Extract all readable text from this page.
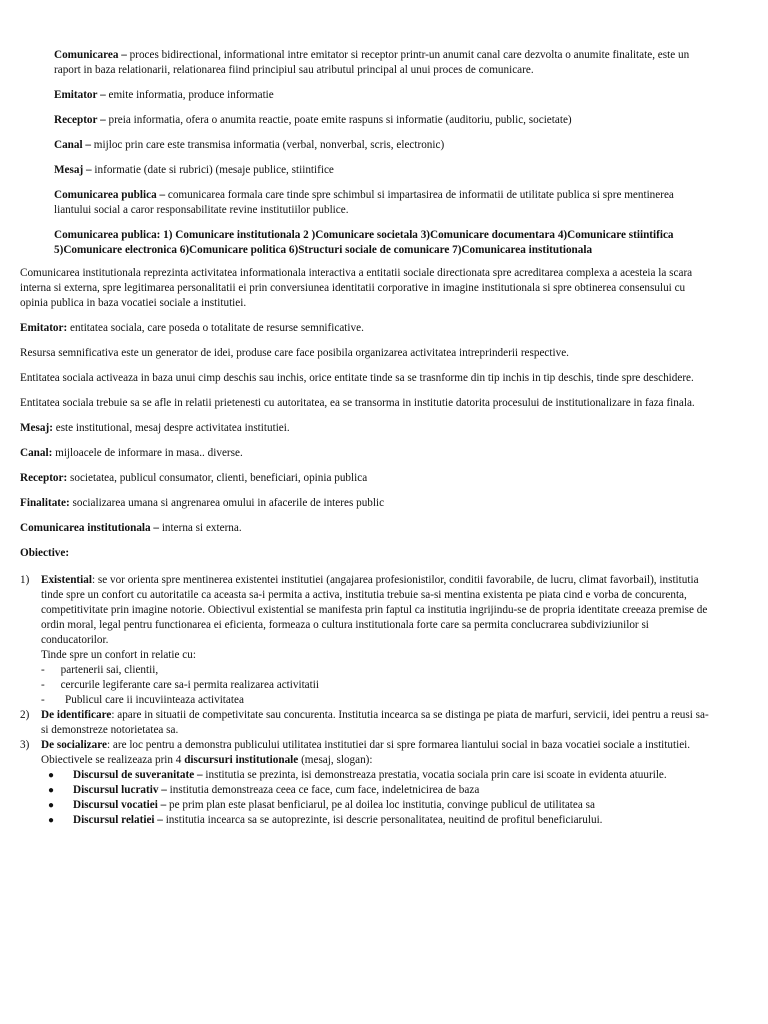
Comunicarea – proces bidirectional, informational intre emitator si receptor printr-un anumit canal care dezvolta o anumite finalitate, este un raport in baza relationarii, relationarea fiind principiul sau atributul principal al unui proces de comunicare.

Emitator – emite informatia, produce informatie

Receptor – preia informatia, ofera o anumita reactie, poate emite raspuns si informatie (auditoriu, public, societate)

Canal – mijloc prin care este transmisa informatia (verbal, nonverbal, scris, electronic)

Mesaj – informatie (date si rubrici) (mesaje publice, stiintifice

Comunicarea publica – comunicarea formala care tinde spre schimbul si impartasirea de informatii de utilitate publica si spre mentinerea liantului social a caror responsabilitate revine institutiilor publice.

Comunicarea publica: 1) Comunicare institutionala 2 )Comunicare societala 3)Comunicare documentara 4)Comunicare stiintifica 5)Comunicare electronica 6)Comunicare politica 6)Structuri sociale de comunicare 7)Comunicarea institutionala

Comunicarea institutionala reprezinta activitatea informationala interactiva a entitatii sociale directionata spre acreditarea complexa a acesteia la scara interna si externa, spre legitimarea personalitatii ei prin conversiunea identitatii corporative in imagine institutionala si spre obtinerea consensului cu opinia publica in baza vocatiei sociale a institutiei.

Emitator: entitatea sociala, care poseda o totalitate de resurse semnificative.

Resursa semnificativa este un generator de idei, produse care face posibila organizarea activitatea intreprinderii respective.

Entitatea sociala activeaza in baza unui cimp deschis sau inchis, orice entitate tinde sa se trasnforme din tip inchis in tip deschis, tinde spre deschidere.

Entitatea sociala trebuie sa se afle in relatii prietenesti cu autoritatea, ea se transorma in institutie datorita procesului de institutionalizare in faza finala.

Mesaj: este institutional, mesaj despre activitatea institutiei.

Canal: mijloacele de informare in masa.. diverse.

Receptor: societatea, publicul consumator, clienti, beneficiari, opinia publica

Finalitate: socializarea umana si angrenarea omului in afacerile de interes public

Comunicarea institutionala – interna si externa.

Obiective:

1)	Existential: se vor orienta spre mentinerea existentei institutiei (angajarea profesionistilor, conditii favorabile, de lucru, climat favorbail), institutia tinde spre un confort cu autoritatile ca aceasta sa-i permita a activa, institutia trebuie sa-si mentina existenta pe piata cind e vorba de concurenta, competitivitate prin imagine notorie. Obiectivul existential se manifesta prin faptul ca institutia ingrijindu-se de propria identitate creeaza premise de ordin moral, legal pentru functionarea ei eficienta, formeaza o cultura institutionala forte care sa permita conclucrarea subdiviziunilor si conducatorilor.

Tinde spre un confort in relatie cu:

- partenerii sai, clientii,
- cercurile legiferante care sa-i permita realizarea activitatii
-	Publicul care ii incuviinteaza activitatea
2)	De identificare: apare in situatii de competivitate sau concurenta. Institutia incearca sa se distinga pe piata de marfuri, servicii, idei pentru a reusi sa-si demonstreze notorietatea sa.

3)	De socializare: are loc pentru a demonstra publicului utilitatea institutiei dar si spre formarea liantului social in baza vocatiei sociale a institutiei.

Obiectivele se realizeaza prin 4 discursuri institutionale (mesaj, slogan):

●	Discursul de suveranitate – institutia se prezinta, isi demonstreaza prestatia, vocatia sociala prin care isi scoate in evidenta atuurile.
●	Discursul lucrativ – institutia demonstreaza ceea ce face, cum face, indeletnicirea de baza
●	Discursul vocatiei – pe prim plan este plasat benficiarul, pe al doilea loc institutia, convinge publicul de utilitatea sa
●	Discursul relatiei – institutia incearca sa se autoprezinte, isi descrie personalitatea, neuitind de profitul beneficiarului.
